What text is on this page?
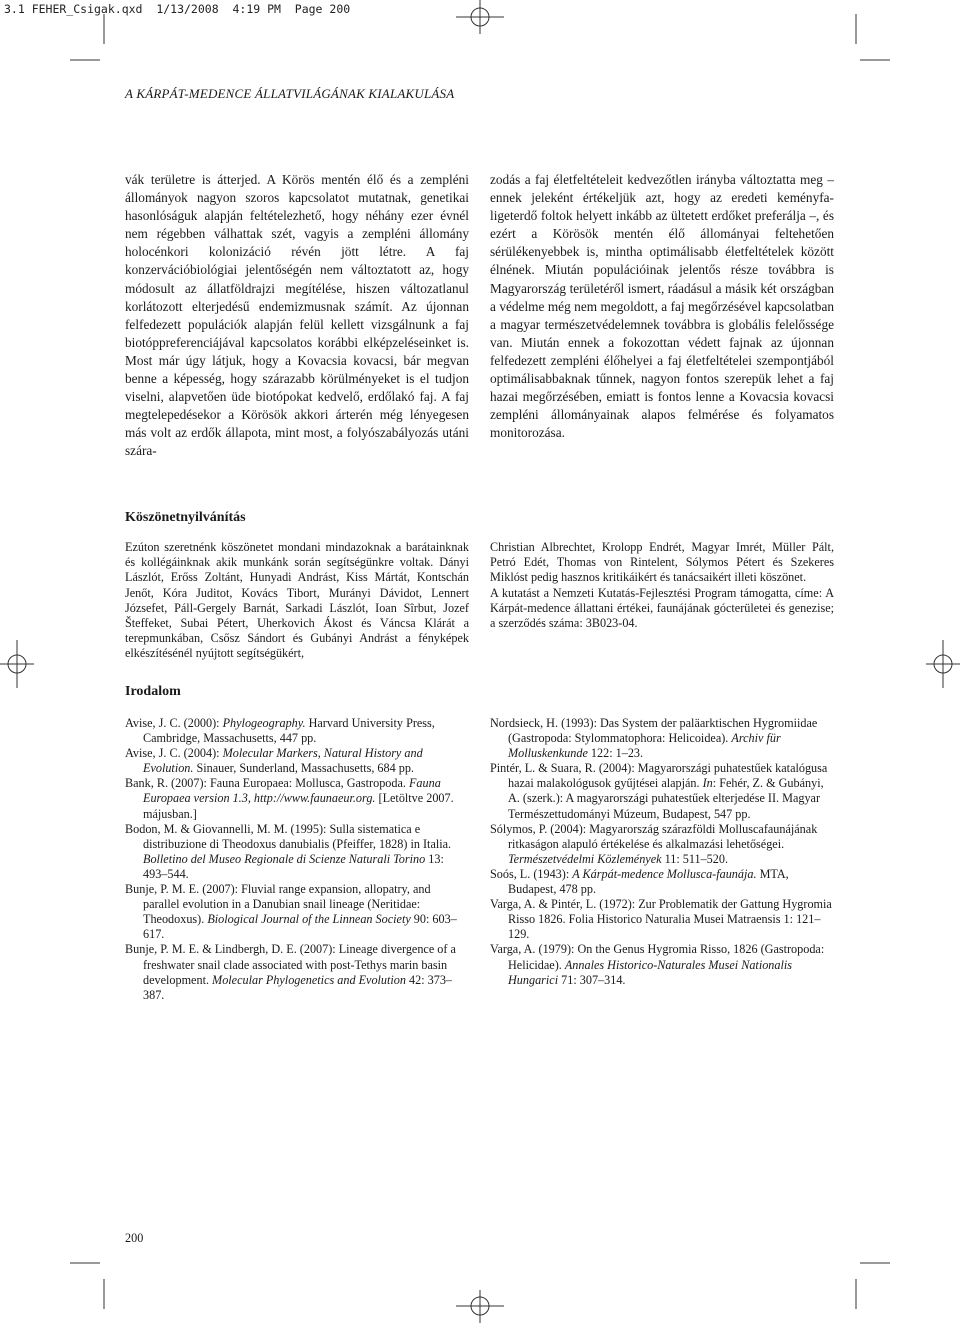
3.1 FEHER_Csigak.qxd  1/13/2008  4:19 PM  Page 200
A KÁRPÁT-MEDENCE ÁLLATVILÁGÁNAK KIALAKULÁSA

vák területre is átterjed. A Körös mentén élő és a zempléni állományok nagyon szoros kapcsolatot mutatnak, genetikai hasonlóságuk alapján feltételezhető, hogy néhány ezer évnél nem régebben válhattak szét, vagyis a zempléni állomány holocénkori kolonizáció révén jött létre. A faj konzervációbiológiai jelentőségén nem változtatott az, hogy módosult az állatföldrajzi megítélése, hiszen változatlanul korlátozott elterjedésű endemizmusnak számít. Az újonnan felfedezett populációk alapján felül kellett vizsgálnunk a faj biotóppreferenciájával kapcsolatos korábbi elképzeléseinket is. Most már úgy látjuk, hogy a Kovacsia kovacsi, bár megvan benne a képesség, hogy szárazabb körülményeket is el tudjon viselni, alapvetően üde biotópokat kedvelő, erdőlakó faj. A faj megtelepedésekor a Körösök akkori árterén még lényegesen más volt az erdők állapota, mint most, a folyószabályozás utáni szára-

zodás a faj életfeltételeit kedvezőtlen irányba változtatta meg – ennek jeleként értékeljük azt, hogy az eredeti keményfa-ligeterdő foltok helyett inkább az ültetett erdőket preferálja –, és ezért a Körösök mentén élő állományai feltehetően sérülékenyebbek is, mintha optimálisabb életfeltételek között élnének. Miután populációinak jelentős része továbbra is Magyarország területéről ismert, ráadásul a másik két országban a védelme még nem megoldott, a faj megőrzésével kapcsolatban a magyar természetvédelemnek továbbra is globális felelőssége van. Miután ennek a fokozottan védett fajnak az újonnan felfedezett zempléni élőhelyei a faj életfeltételei szempontjából optimálisabbaknak tűnnek, nagyon fontos szerepük lehet a faj hazai megőrzésében, emiatt is fontos lenne a Kovacsia kovacsi zempléni állományainak alapos felmérése és folyamatos monitorozása.

Köszönetnyilvánítás

Ezúton szeretnénk köszönetet mondani mindazoknak a barátainknak és kollégáinknak akik munkánk során segítségünkre voltak. Dányi Lászlót, Erőss Zoltánt, Hunyadi Andrást, Kiss Mártát, Kontschán Jenőt, Kóra Juditot, Kovács Tibort, Murányi Dávidot, Lennert Józsefet, Páll-Gergely Barnát, Sarkadi Lászlót, Ioan Sîrbut, Jozef Šteffeket, Subai Pétert, Uherkovich Ákost és Váncsa Klárát a terepmunkában, Csősz Sándort és Gubányi Andrást a fényképek elkészítésénél nyújtott segítségükért,

Christian Albrechtet, Krolopp Endrét, Magyar Imrét, Müller Pált, Petró Edét, Thomas von Rintelent, Sólymos Pétert és Szekeres Miklóst pedig hasznos kritikáikért és tanácsaikért illeti köszönet.

A kutatást a Nemzeti Kutatás-Fejlesztési Program támogatta, címe: A Kárpát-medence állattani értékei, faunájának gócterületei és genezise; a szerződés száma: 3B023-04.

Irodalom

Avise, J. C. (2000): Phylogeography. Harvard University Press, Cambridge, Massachusetts, 447 pp.

Avise, J. C. (2004): Molecular Markers, Natural History and Evolution. Sinauer, Sunderland, Massachusetts, 684 pp.

Bank, R. (2007): Fauna Europaea: Mollusca, Gastropoda. Fauna Europaea version 1.3, http://www.faunaeur.org. [Letöltve 2007. májusban.]

Bodon, M. & Giovannelli, M. M. (1995): Sulla sistematica e distribuzione di Theodoxus danubialis (Pfeiffer, 1828) in Italia. Bolletino del Museo Regionale di Scienze Naturali Torino 13: 493–544.

Bunje, P. M. E. (2007): Fluvial range expansion, allopatry, and parallel evolution in a Danubian snail lineage (Neritidae: Theodoxus). Biological Journal of the Linnean Society 90: 603–617.

Bunje, P. M. E. & Lindbergh, D. E. (2007): Lineage divergence of a freshwater snail clade associated with post-Tethys marin basin development. Molecular Phylogenetics and Evolution 42: 373–387.

Nordsieck, H. (1993): Das System der paläarktischen Hygromiidae (Gastropoda: Stylommatophora: Helicoidea). Archiv für Molluskenkunde 122: 1–23.

Pintér, L. & Suara, R. (2004): Magyarországi puhatestűek katalógusa hazai malakológusok gyűjtései alapján. In: Fehér, Z. & Gubányi, A. (szerk.): A magyarországi puhatestűek elterjedése II. Magyar Természettudományi Múzeum, Budapest, 547 pp.

Sólymos, P. (2004): Magyarország szárazföldi Molluscafaunájának ritkaságon alapuló értékelése és alkalmazási lehetőségei. Természetvédelmi Közlemények 11: 511–520.

Soós, L. (1943): A Kárpát-medence Mollusca-faunája. MTA, Budapest, 478 pp.

Varga, A. & Pintér, L. (1972): Zur Problematik der Gattung Hygromia Risso 1826. Folia Historico Naturalia Musei Matraensis 1: 121–129.

Varga, A. (1979): On the Genus Hygromia Risso, 1826 (Gastropoda: Helicidae). Annales Historico-Naturales Musei Nationalis Hungarici 71: 307–314.

200
